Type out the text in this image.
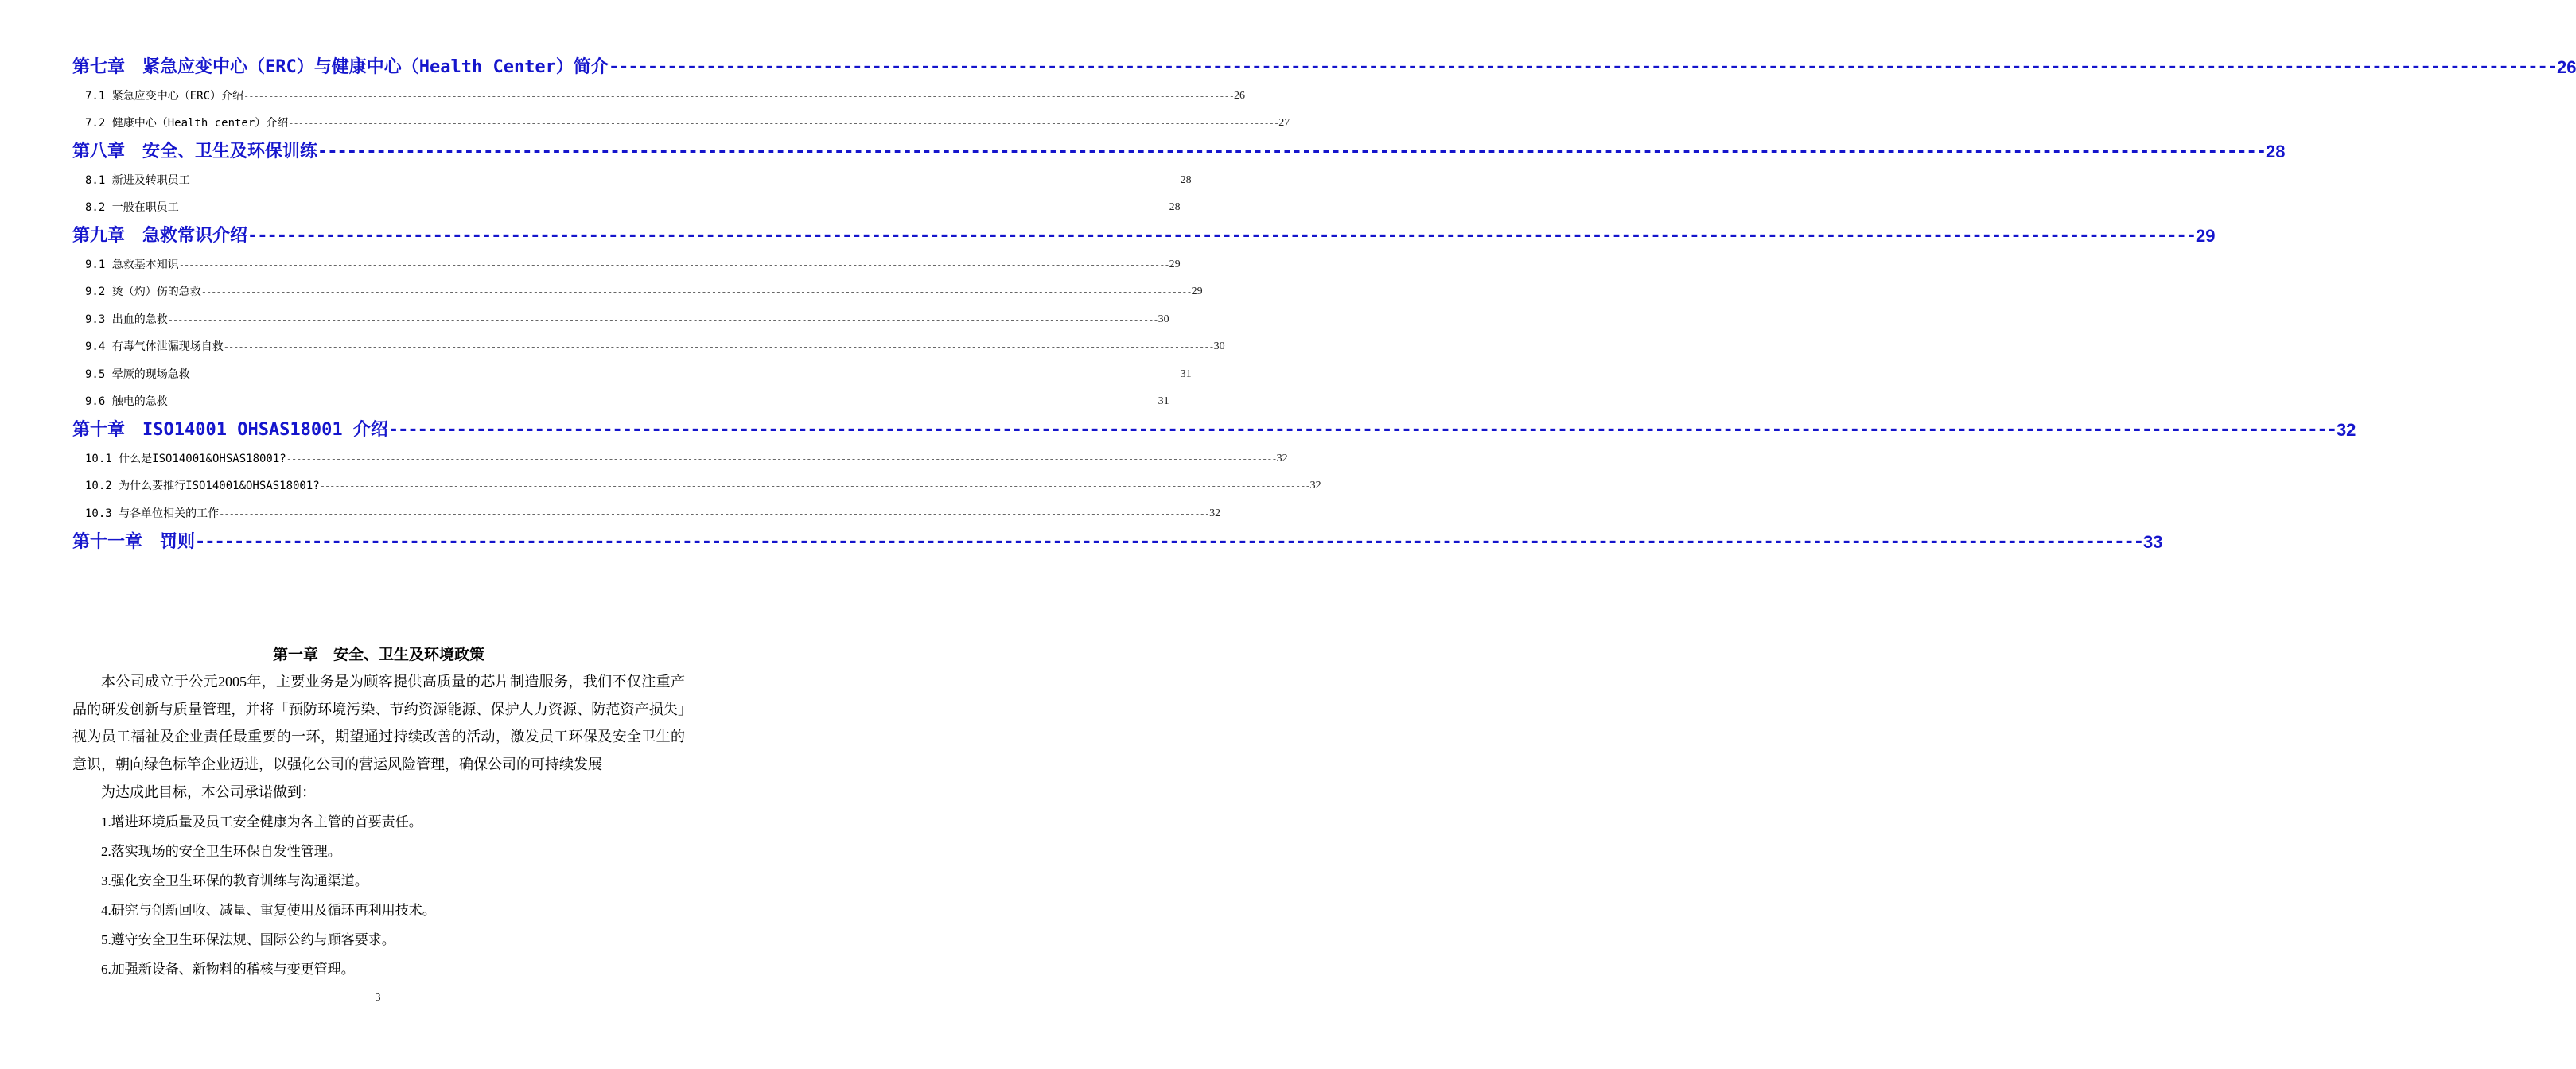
第七章　紧急应变中心（ERC）与健康中心（Health Center）简介 -------------------------------------------------------------------------------------------------------------------------------------------------------------------------------------------------------- 26
7.1 紧急应变中心（ERC）介绍 -------------------------------------------------------------------------------------------------------------------------------------------------------------------------------------------------------- 26
7.2 健康中心（Health center）介绍 -------------------------------------------------------------------------------------------------------------------------------------------------------------------------------------------------------- 27
第八章　安全、卫生及环保训练 -------------------------------------------------------------------------------------------------------------------------------------------------------------------------------------------------------- 28
8.1 新进及转职员工 -------------------------------------------------------------------------------------------------------------------------------------------------------------------------------------------------------- 28
8.2 一般在职员工 -------------------------------------------------------------------------------------------------------------------------------------------------------------------------------------------------------- 28
第九章　急救常识介绍 -------------------------------------------------------------------------------------------------------------------------------------------------------------------------------------------------------- 29
9.1 急救基本知识 -------------------------------------------------------------------------------------------------------------------------------------------------------------------------------------------------------- 29
9.2 烫（灼）伤的急救 -------------------------------------------------------------------------------------------------------------------------------------------------------------------------------------------------------- 29
9.3 出血的急救 -------------------------------------------------------------------------------------------------------------------------------------------------------------------------------------------------------- 30
9.4 有毒气体泄漏现场自救 -------------------------------------------------------------------------------------------------------------------------------------------------------------------------------------------------------- 30
9.5 晕厥的现场急救 -------------------------------------------------------------------------------------------------------------------------------------------------------------------------------------------------------- 31
9.6 触电的急救 -------------------------------------------------------------------------------------------------------------------------------------------------------------------------------------------------------- 31
第十章　ISO14001 OHSAS18001 介绍 -------------------------------------------------------------------------------------------------------------------------------------------------------------------------------------------------------- 32
10.1 什么是ISO14001&OHSAS18001? -------------------------------------------------------------------------------------------------------------------------------------------------------------------------------------------------------- 32
10.2 为什么要推行ISO14001&OHSAS18001? -------------------------------------------------------------------------------------------------------------------------------------------------------------------------------------------------------- 32
10.3 与各单位相关的工作 -------------------------------------------------------------------------------------------------------------------------------------------------------------------------------------------------------- 32
第十一章　罚则 -------------------------------------------------------------------------------------------------------------------------------------------------------------------------------------------------------- 33
第一章　安全、卫生及环境政策
本公司成立于公元2005年，主要业务是为顾客提供高质量的芯片制造服务，我们不仅注重产品的研发创新与质量管理，并将「预防环境污染、节约资源能源、保护人力资源、防范资产损失」视为员工福祉及企业责任最重要的一环，期望通过持续改善的活动，激发员工环保及安全卫生的意识，朝向绿色标竿企业迈进，以强化公司的营运风险管理，确保公司的可持续发展
为达成此目标，本公司承诺做到：
1.增进环境质量及员工安全健康为各主管的首要责任。
2.落实现场的安全卫生环保自发性管理。
3.强化安全卫生环保的教育训练与沟通渠道。
4.研究与创新回收、减量、重复使用及循环再利用技术。
5.遵守安全卫生环保法规、国际公约与顾客要求。
6.加强新设备、新物料的稽核与变更管理。
3
